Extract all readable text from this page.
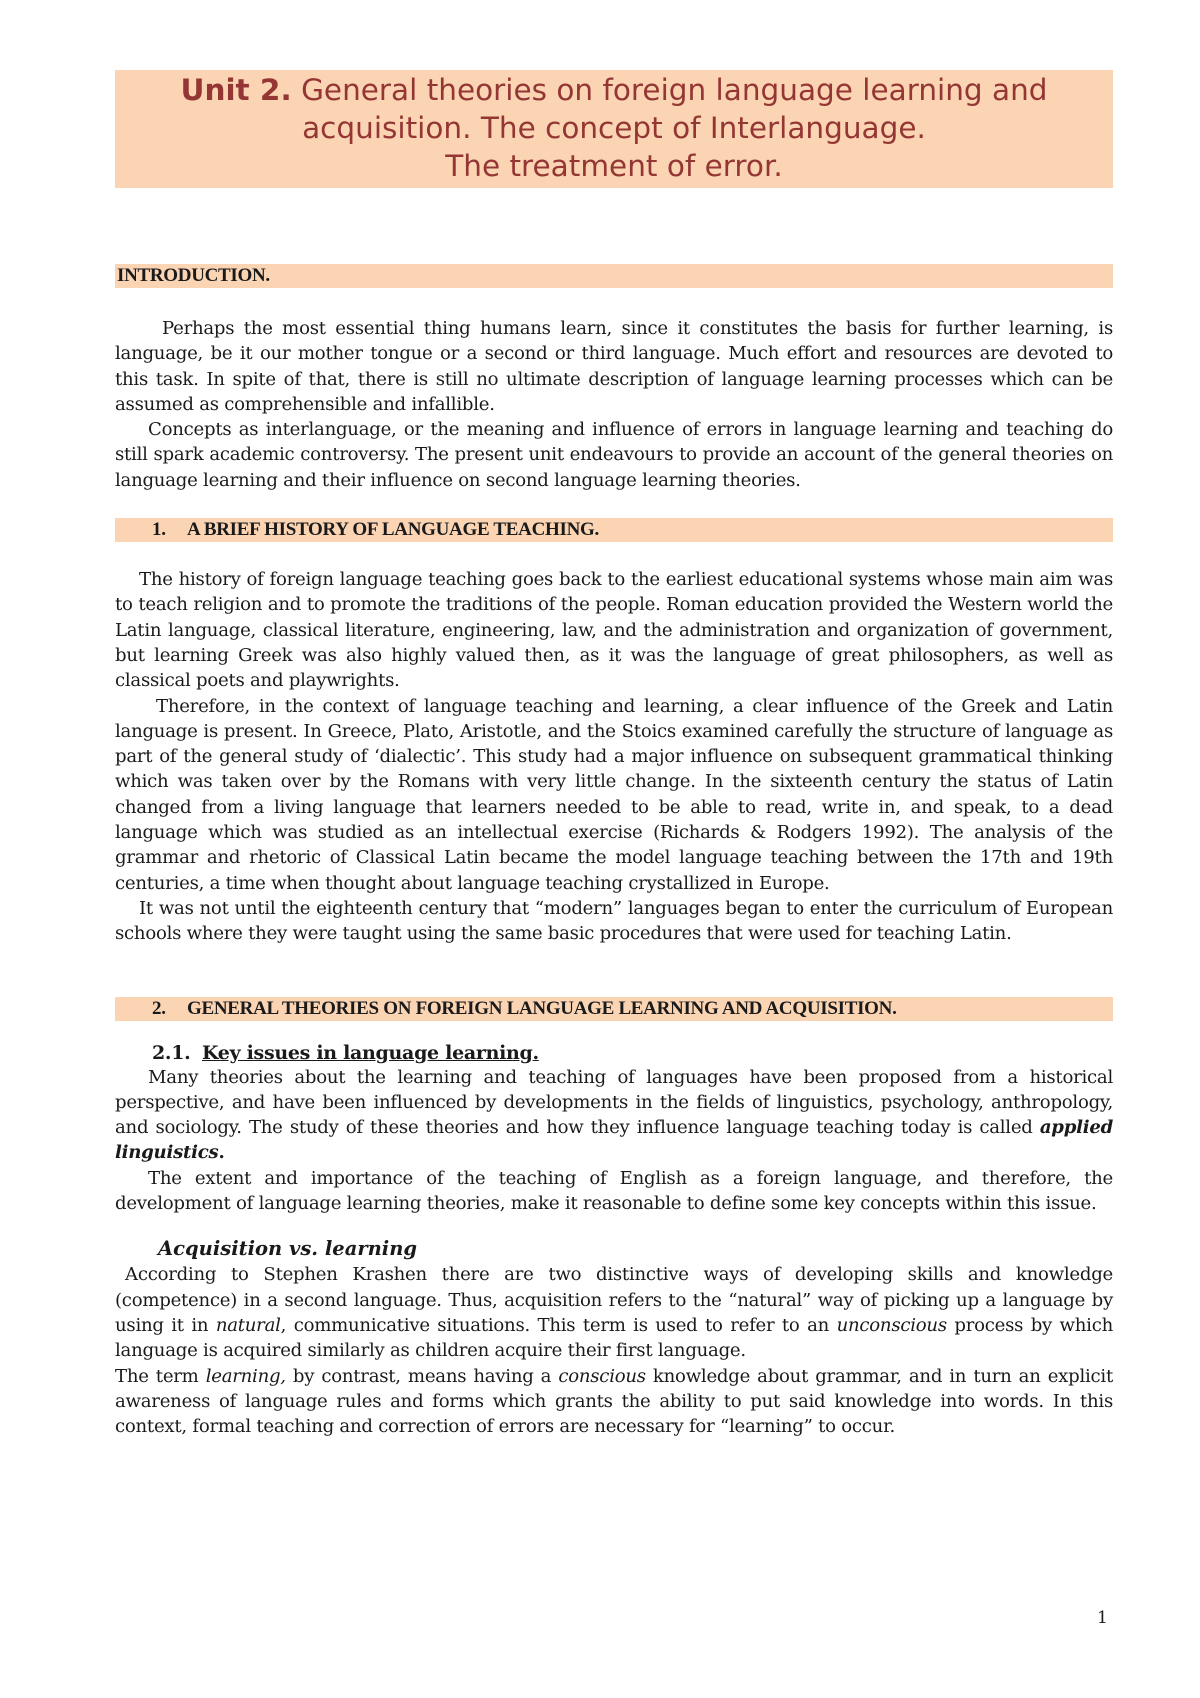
Unit 2. General theories on foreign language learning and
acquisition. The concept of Interlanguage.
The treatment of error.
INTRODUCTION.

Perhaps the most essential thing humans learn, since it constitutes the basis for further learning, is language, be it our mother tongue or a second or third language. Much effort and resources are devoted to this task. In spite of that, there is still no ultimate description of language learning processes which can be assumed as comprehensible and infallible.

Concepts as interlanguage, or the meaning and influence of errors in language learning and teaching do still spark academic controversy. The present unit endeavours to provide an account of the general theories on language learning and their influence on second language learning theories.

1. A BRIEF HISTORY OF LANGUAGE TEACHING.

The history of foreign language teaching goes back to the earliest educational systems whose main aim was to teach religion and to promote the traditions of the people. Roman education provided the Western world the Latin language, classical literature, engineering, law, and the administration and organization of government, but learning Greek was also highly valued then, as it was the language of great philosophers, as well as classical poets and playwrights.

Therefore, in the context of language teaching and learning, a clear influence of the Greek and Latin language is present. In Greece, Plato, Aristotle, and the Stoics examined carefully the structure of language as part of the general study of ‘dialectic’. This study had a major influence on subsequent grammatical thinking which was taken over by the Romans with very little change. In the sixteenth century the status of Latin changed from a living language that learners needed to be able to read, write in, and speak, to a dead language which was studied as an intellectual exercise (Richards & Rodgers 1992). The analysis of the grammar and rhetoric of Classical Latin became the model language teaching between the 17th and 19th centuries, a time when thought about language teaching crystallized in Europe.

It was not until the eighteenth century that “modern” languages began to enter the curriculum of European schools where they were taught using the same basic procedures that were used for teaching Latin.

2. GENERAL THEORIES ON FOREIGN LANGUAGE LEARNING AND ACQUISITION.
2.1. Key issues in language learning.

Many theories about the learning and teaching of languages have been proposed from a historical perspective, and have been influenced by developments in the fields of linguistics, psychology, anthropology, and sociology. The study of these theories and how they influence language teaching today is called applied linguistics.

The extent and importance of the teaching of English as a foreign language, and therefore, the development of language learning theories, make it reasonable to define some key concepts within this issue.

Acquisition vs. learning

According to Stephen Krashen there are two distinctive ways of developing skills and knowledge (competence) in a second language. Thus, acquisition refers to the “natural” way of picking up a language by using it in natural, communicative situations. This term is used to refer to an unconscious process by which language is acquired similarly as children acquire their first language.

The term learning, by contrast, means having a conscious knowledge about grammar, and in turn an explicit awareness of language rules and forms which grants the ability to put said knowledge into words. In this context, formal teaching and correction of errors are necessary for “learning” to occur.

1
